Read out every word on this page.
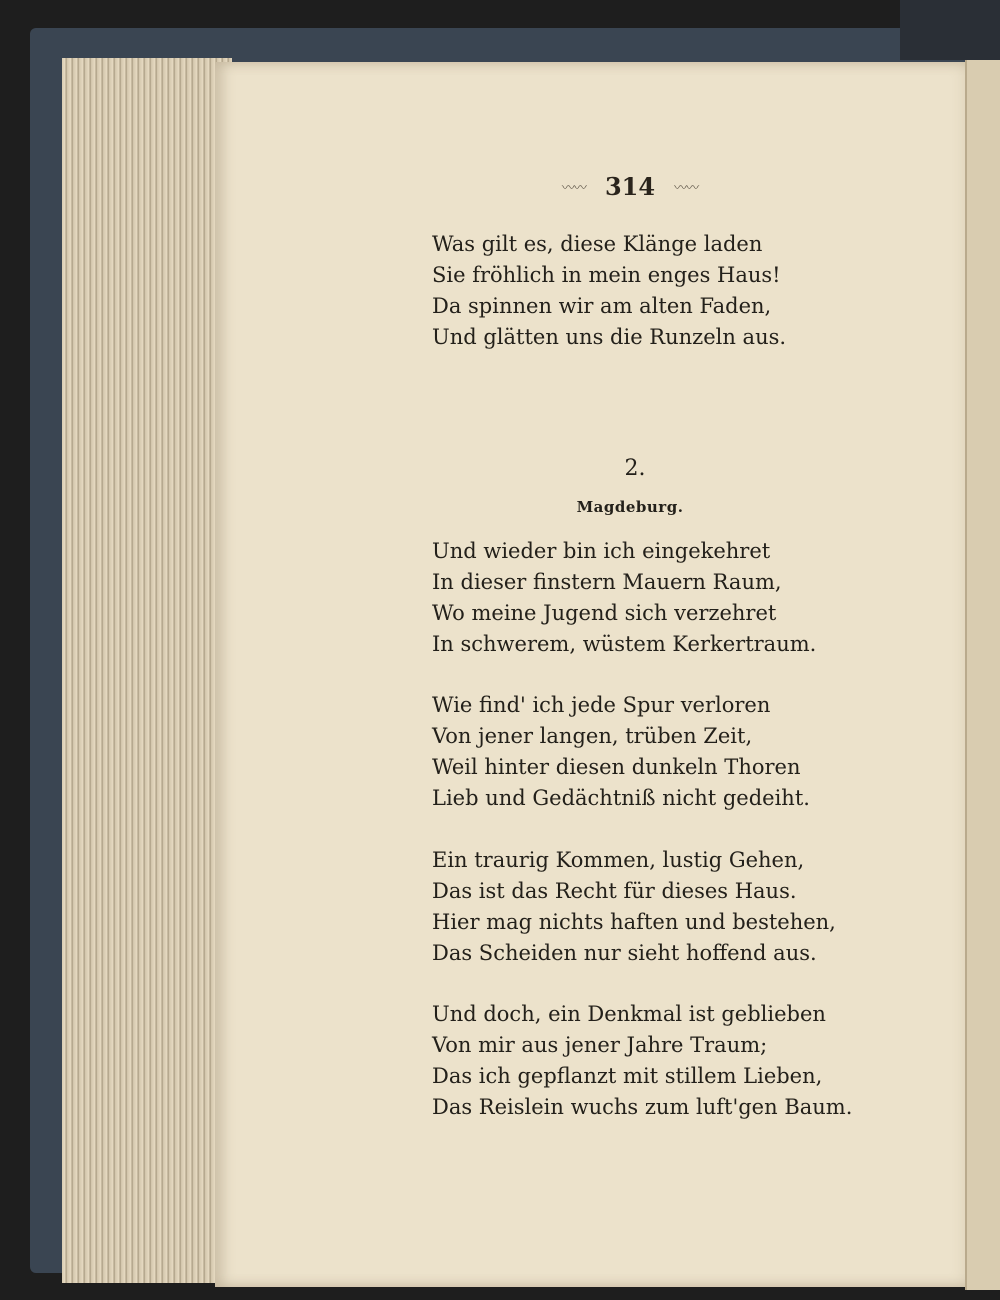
〰〰 314 〰〰
Was gilt es, diese Klänge laden
Sie fröhlich in mein enges Haus!
Da spinnen wir am alten Faden,
Und glätten uns die Runzeln aus.
2.
Magdeburg.
Und wieder bin ich eingekehret
In dieser finstern Mauern Raum,
Wo meine Jugend sich verzehret
In schwerem, wüstem Kerkertraum.
Wie find' ich jede Spur verloren
Von jener langen, trüben Zeit,
Weil hinter diesen dunkeln Thoren
Lieb und Gedächtniß nicht gedeiht.
Ein traurig Kommen, lustig Gehen,
Das ist das Recht für dieses Haus.
Hier mag nichts haften und bestehen,
Das Scheiden nur sieht hoffend aus.
Und doch, ein Denkmal ist geblieben
Von mir aus jener Jahre Traum;
Das ich gepflanzt mit stillem Lieben,
Das Reislein wuchs zum luft'gen Baum.
